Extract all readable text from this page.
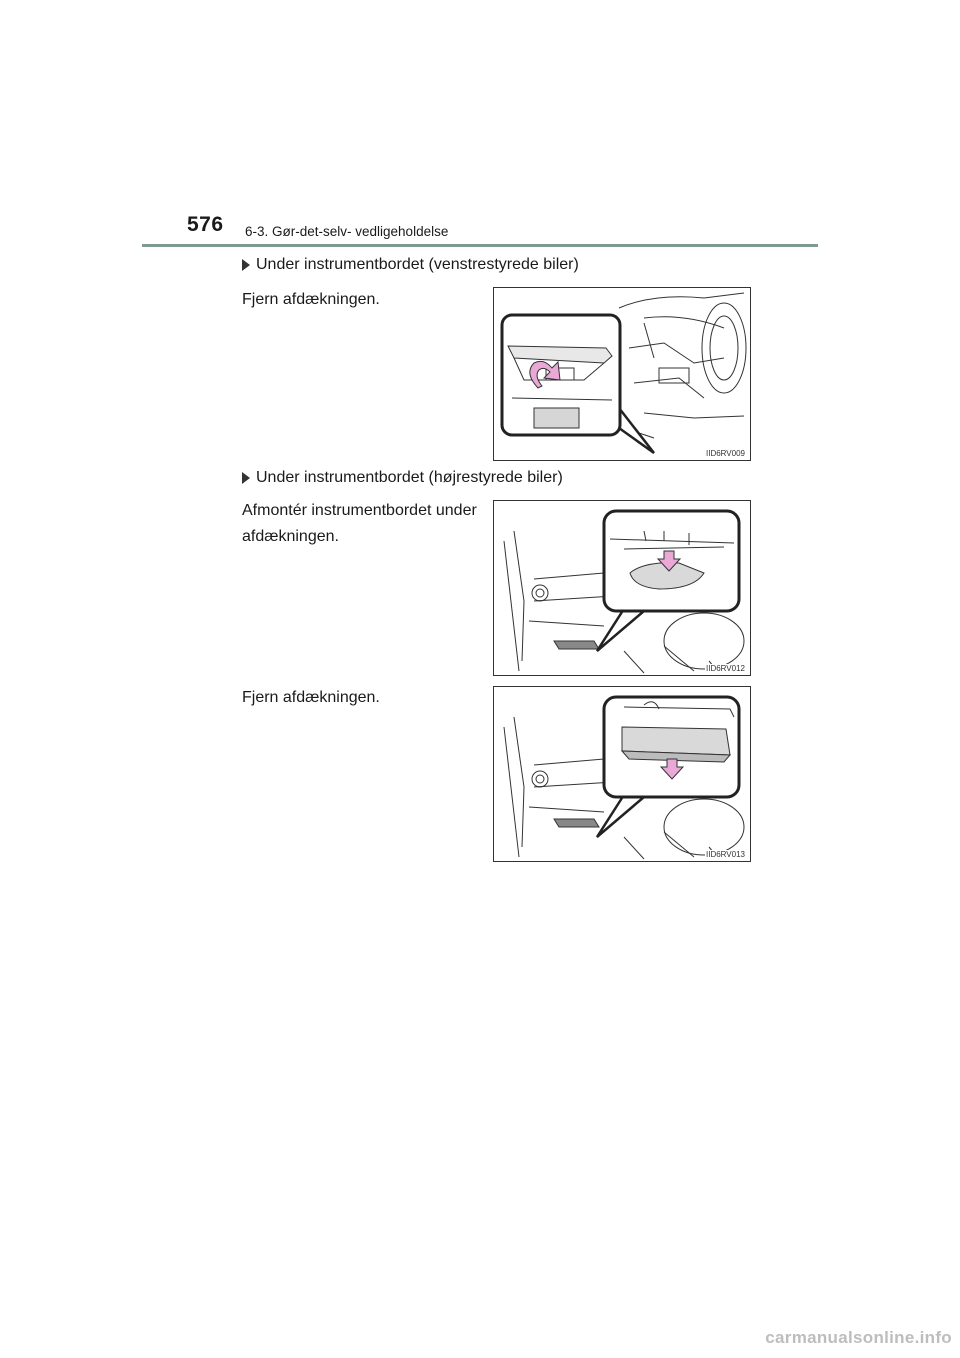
576 6-3. Gør-det-selv- vedligeholdelse
Under instrumentbordet (venstrestyrede biler)
Fjern afdækningen.
IID6RV009
Under instrumentbordet (højrestyrede biler)
Afmontér instrumentbordet under afdækningen.
IID6RV012
Fjern afdækningen.
IID6RV013
carmanualsonline.info
